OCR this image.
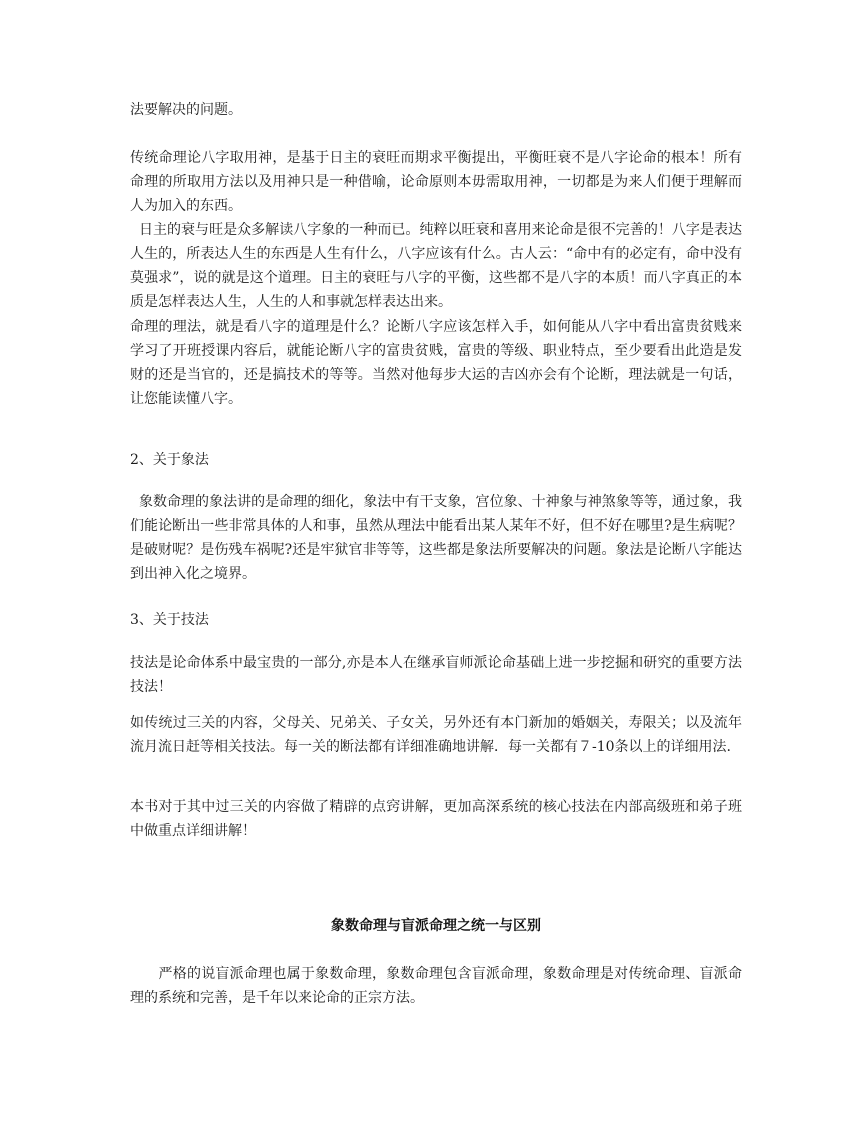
法要解决的问题。

传统命理论八字取用神，是基于日主的衰旺而期求平衡提出，平衡旺衰不是八字论命的根本！所有命理的所取用方法以及用神只是一种借喻，论命原则本毋需取用神，一切都是为来人们便于理解而人为加入的东西。

日主的衰与旺是众多解读八字象的一种而已。纯粹以旺衰和喜用来论命是很不完善的！八字是表达人生的，所表达人生的东西是人生有什么，八字应该有什么。古人云：“命中有的必定有，命中没有莫强求”，说的就是这个道理。日主的衰旺与八字的平衡，这些都不是八字的本质！而八字真正的本质是怎样表达人生，人生的人和事就怎样表达出来。

命理的理法，就是看八字的道理是什么？论断八字应该怎样入手，如何能从八字中看出富贵贫贱来学习了开班授课内容后，就能论断八字的富贵贫贱，富贵的等级、职业特点，至少要看出此造是发财的还是当官的，还是搞技术的等等。当然对他每步大运的吉凶亦会有个论断，理法就是一句话，让您能读懂八字。

2、关于象法

象数命理的象法讲的是命理的细化，象法中有干支象，宫位象、十神象与神煞象等等，通过象，我们能论断出一些非常具体的人和事，虽然从理法中能看出某人某年不好，但不好在哪里?是生病呢？是破财呢？是伤残车祸呢?还是牢狱官非等等，这些都是象法所要解决的问题。象法是论断八字能达到出神入化之境界。

3、关于技法

技法是论命体系中最宝贵的一部分,亦是本人在继承盲师派论命基础上进一步挖掘和研究的重要方法技法！

如传统过三关的内容，父母关、兄弟关、子女关，另外还有本门新加的婚姻关，寿限关；以及流年流月流日赶等相关技法。每一关的断法都有详细准确地讲解．每一关都有７-10条以上的详细用法.

本书对于其中过三关的内容做了精辟的点窍讲解，更加高深系统的核心技法在内部高级班和弟子班中做重点详细讲解！

象数命理与盲派命理之统一与区别

　　严格的说盲派命理也属于象数命理，象数命理包含盲派命理，象数命理是对传统命理、盲派命理的系统和完善，是千年以来论命的正宗方法。
